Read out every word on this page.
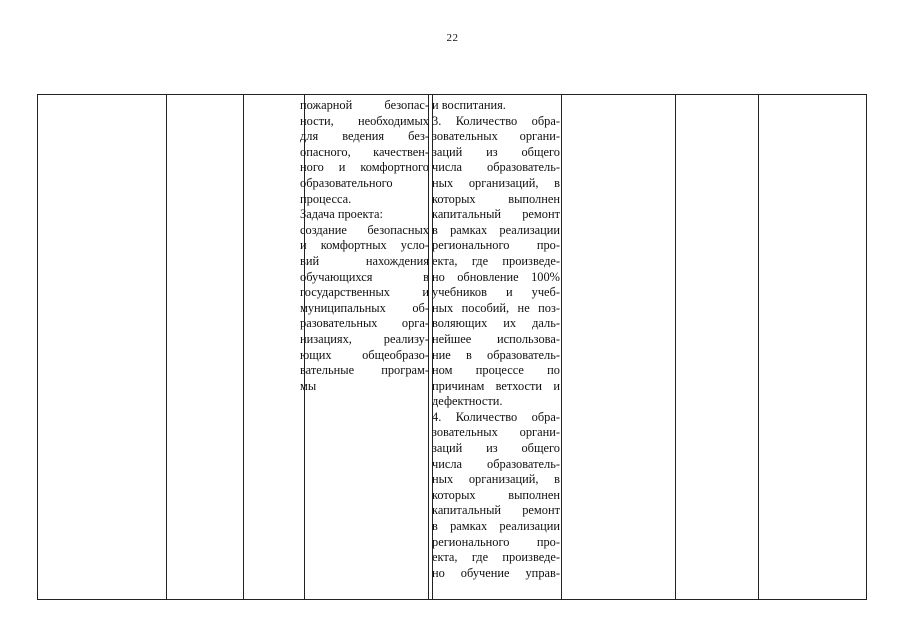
22
пожарной безопас-
ности, необходимых
для ведения без-
опасного, качествен-
ного и комфортного
образовательного
процесса.
Задача проекта:
создание безопасных
и комфортных усло-
вий нахождения
обучающихся в
государственных и
муниципальных об-
разовательных орга-
низациях, реализу-
ющих общеобразо-
вательные програм-
мы
и воспитания.
3. Количество обра-
зовательных органи-
заций из общего
числа образователь-
ных организаций, в
которых выполнен
капитальный ремонт
в рамках реализации
регионального про-
екта, где произведе-
но обновление 100%
учебников и учеб-
ных пособий, не поз-
воляющих их даль-
нейшее использова-
ние в образователь-
ном процессе по
причинам ветхости и
дефектности.
4. Количество обра-
зовательных органи-
заций из общего
числа образователь-
ных организаций, в
которых выполнен
капитальный ремонт
в рамках реализации
регионального про-
екта, где произведе-
но обучение управ-
